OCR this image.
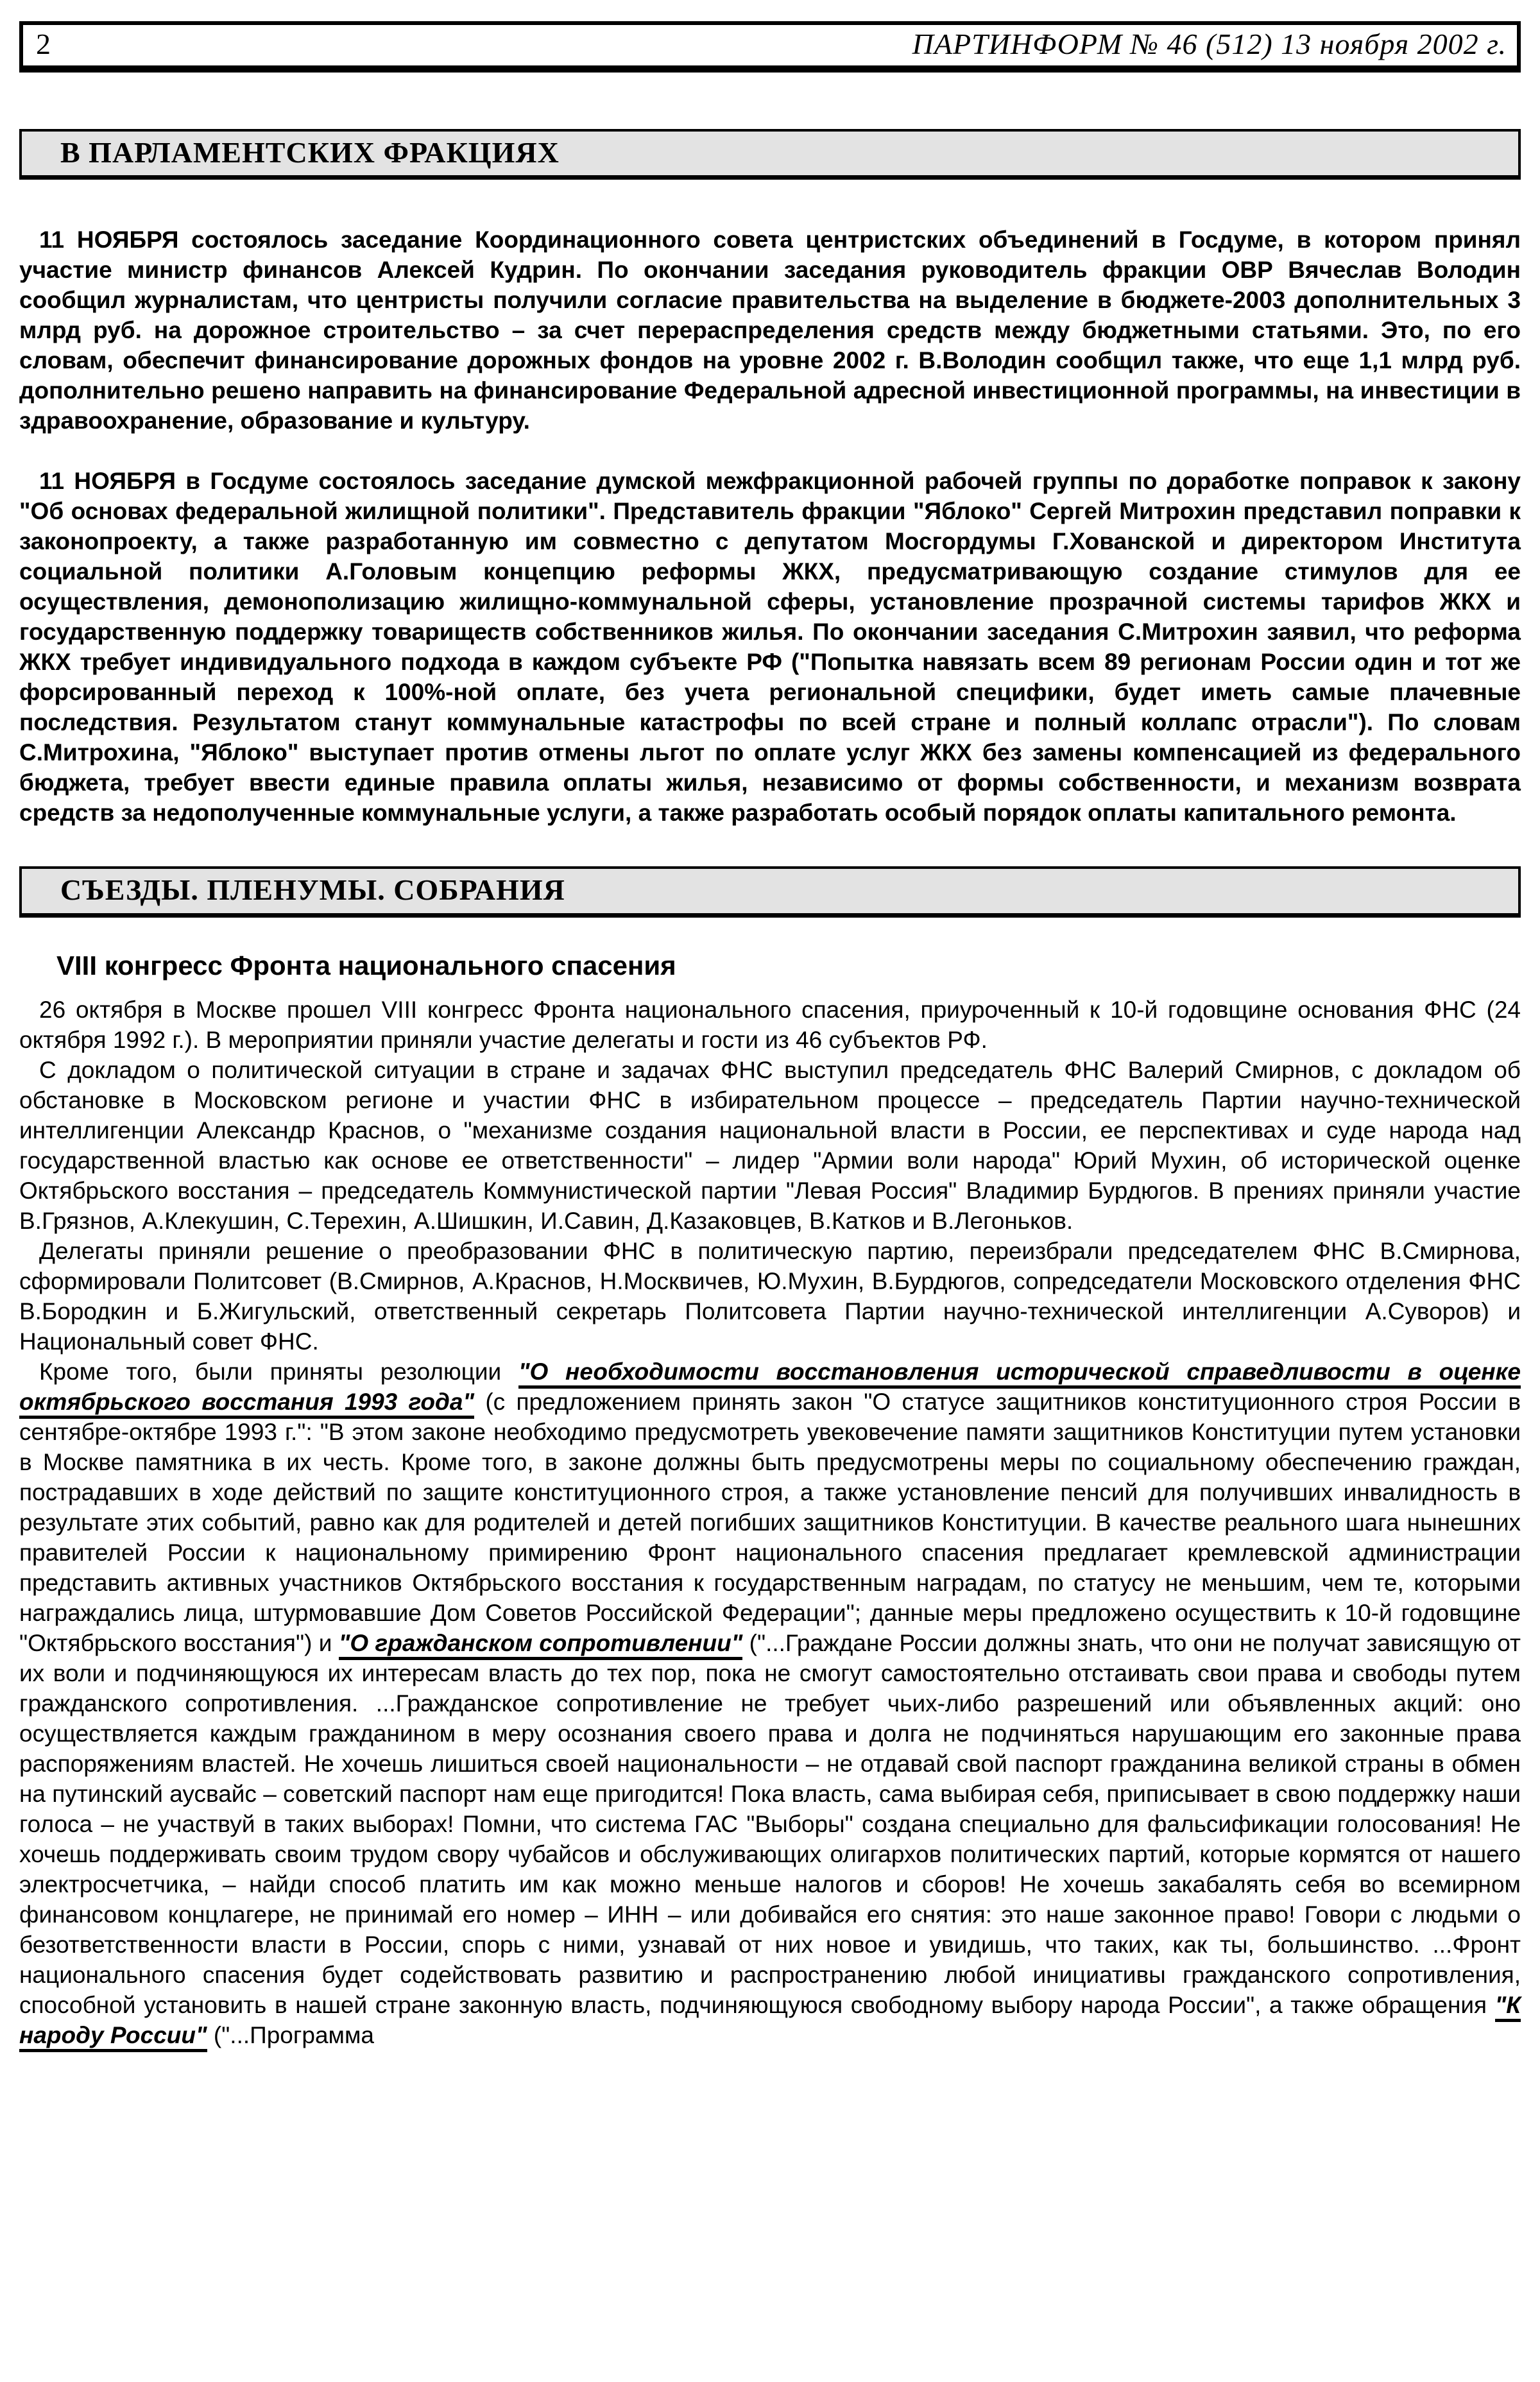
2	ПАРТИНФОРМ № 46 (512) 13 ноября 2002 г.
В ПАРЛАМЕНТСКИХ ФРАКЦИЯХ

11 НОЯБРЯ состоялось заседание Координационного совета центристских объединений в Госдуме, в котором принял участие министр финансов Алексей Кудрин. По окончании заседания руководитель фракции ОВР Вячеслав Володин сообщил журналистам, что центристы получили согласие правительства на выделение в бюджете-2003 дополнительных 3 млрд руб. на дорожное строительство – за счет перераспределения средств между бюджетными статьями. Это, по его словам, обеспечит финансирование дорожных фондов на уровне 2002 г. В.Володин сообщил также, что еще 1,1 млрд руб. дополнительно решено направить на финансирование Федеральной адресной инвестиционной программы, на инвестиции в здравоохранение, образование и культуру.

11 НОЯБРЯ в Госдуме состоялось заседание думской межфракционной рабочей группы по доработке поправок к закону "Об основах федеральной жилищной политики". Представитель фракции "Яблоко" Сергей Митрохин представил поправки к законопроекту, а также разработанную им совместно с депутатом Мосгордумы Г.Хованской и директором Института социальной политики А.Головым концепцию реформы ЖКХ, предусматривающую создание стимулов для ее осуществления, демонополизацию жилищно-коммунальной сферы, установление прозрачной системы тарифов ЖКХ и государственную поддержку товариществ собственников жилья. По окончании заседания С.Митрохин заявил, что реформа ЖКХ требует индивидуального подхода в каждом субъекте РФ ("Попытка навязать всем 89 регионам России один и тот же форсированный переход к 100%-ной оплате, без учета региональной специфики, будет иметь самые плачевные последствия. Результатом станут коммунальные катастрофы по всей стране и полный коллапс отрасли"). По словам С.Митрохина, "Яблоко" выступает против отмены льгот по оплате услуг ЖКХ без замены компенсацией из федерального бюджета, требует ввести единые правила оплаты жилья, независимо от формы собственности, и механизм возврата средств за недополученные коммунальные услуги, а также разработать особый порядок оплаты капитального ремонта.

СЪЕЗДЫ. ПЛЕНУМЫ. СОБРАНИЯ
VIII конгресс Фронта национального спасения

26 октября в Москве прошел VIII конгресс Фронта национального спасения, приуроченный к 10-й годовщине основания ФНС (24 октября 1992 г.). В мероприятии приняли участие делегаты и гости из 46 субъектов РФ.

С докладом о политической ситуации в стране и задачах ФНС выступил председатель ФНС Валерий Смирнов, с докладом об обстановке в Московском регионе и участии ФНС в избирательном процессе – председатель Партии научно-технической интеллигенции Александр Краснов, о "механизме создания национальной власти в России, ее перспективах и суде народа над государственной властью как основе ее ответственности" – лидер "Армии воли народа" Юрий Мухин, об исторической оценке Октябрьского восстания – председатель Коммунистической партии "Левая Россия" Владимир Бурдюгов. В прениях приняли участие В.Грязнов, А.Клекушин, С.Терехин, А.Шишкин, И.Савин, Д.Казаковцев, В.Катков и В.Легоньков.

Делегаты приняли решение о преобразовании ФНС в политическую партию, переизбрали председателем ФНС В.Смирнова, сформировали Политсовет (В.Смирнов, А.Краснов, Н.Москвичев, Ю.Мухин, В.Бурдюгов, сопредседатели Московского отделения ФНС В.Бородкин и Б.Жигульский, ответственный секретарь Политсовета Партии научно-технической интеллигенции А.Суворов) и Национальный совет ФНС.

Кроме того, были приняты резолюции "О необходимости восстановления исторической справедливости в оценке октябрьского восстания 1993 года" (с предложением принять закон "О статусе защитников конституционного строя России в сентябре-октябре 1993 г.": "В этом законе необходимо предусмотреть увековечение памяти защитников Конституции путем установки в Москве памятника в их честь. Кроме того, в законе должны быть предусмотрены меры по социальному обеспечению граждан, пострадавших в ходе действий по защите конституционного строя, а также установление пенсий для получивших инвалидность в результате этих событий, равно как для родителей и детей погибших защитников Конституции. В качестве реального шага нынешних правителей России к национальному примирению Фронт национального спасения предлагает кремлевской администрации представить активных участников Октябрьского восстания к государственным наградам, по статусу не меньшим, чем те, которыми награждались лица, штурмовавшие Дом Советов Российской Федерации"; данные меры предложено осуществить к 10-й годовщине "Октябрьского восстания") и "О гражданском сопротивлении" ("...Граждане России должны знать, что они не получат зависящую от их воли и подчиняющуюся их интересам власть до тех пор, пока не смогут самостоятельно отстаивать свои права и свободы путем гражданского сопротивления. ...Гражданское сопротивление не требует чьих-либо разрешений или объявленных акций: оно осуществляется каждым гражданином в меру осознания своего права и долга не подчиняться нарушающим его законные права распоряжениям властей. Не хочешь лишиться своей национальности – не отдавай свой паспорт гражданина великой страны в обмен на путинский аусвайс – советский паспорт нам еще пригодится! Пока власть, сама выбирая себя, приписывает в свою поддержку наши голоса – не участвуй в таких выборах! Помни, что система ГАС "Выборы" создана специально для фальсификации голосования! Не хочешь поддерживать своим трудом свору чубайсов и обслуживающих олигархов политических партий, которые кормятся от нашего электросчетчика, – найди способ платить им как можно меньше налогов и сборов! Не хочешь закабалять себя во всемирном финансовом концлагере, не принимай его номер – ИНН – или добивайся его снятия: это наше законное право! Говори с людьми о безответственности власти в России, спорь с ними, узнавай от них новое и увидишь, что таких, как ты, большинство. ...Фронт национального спасения будет содействовать развитию и распространению любой инициативы гражданского сопротивления, способной установить в нашей стране законную власть, подчиняющуюся свободному выбору народа России", а также обращения "К народу России" ("...Программа
